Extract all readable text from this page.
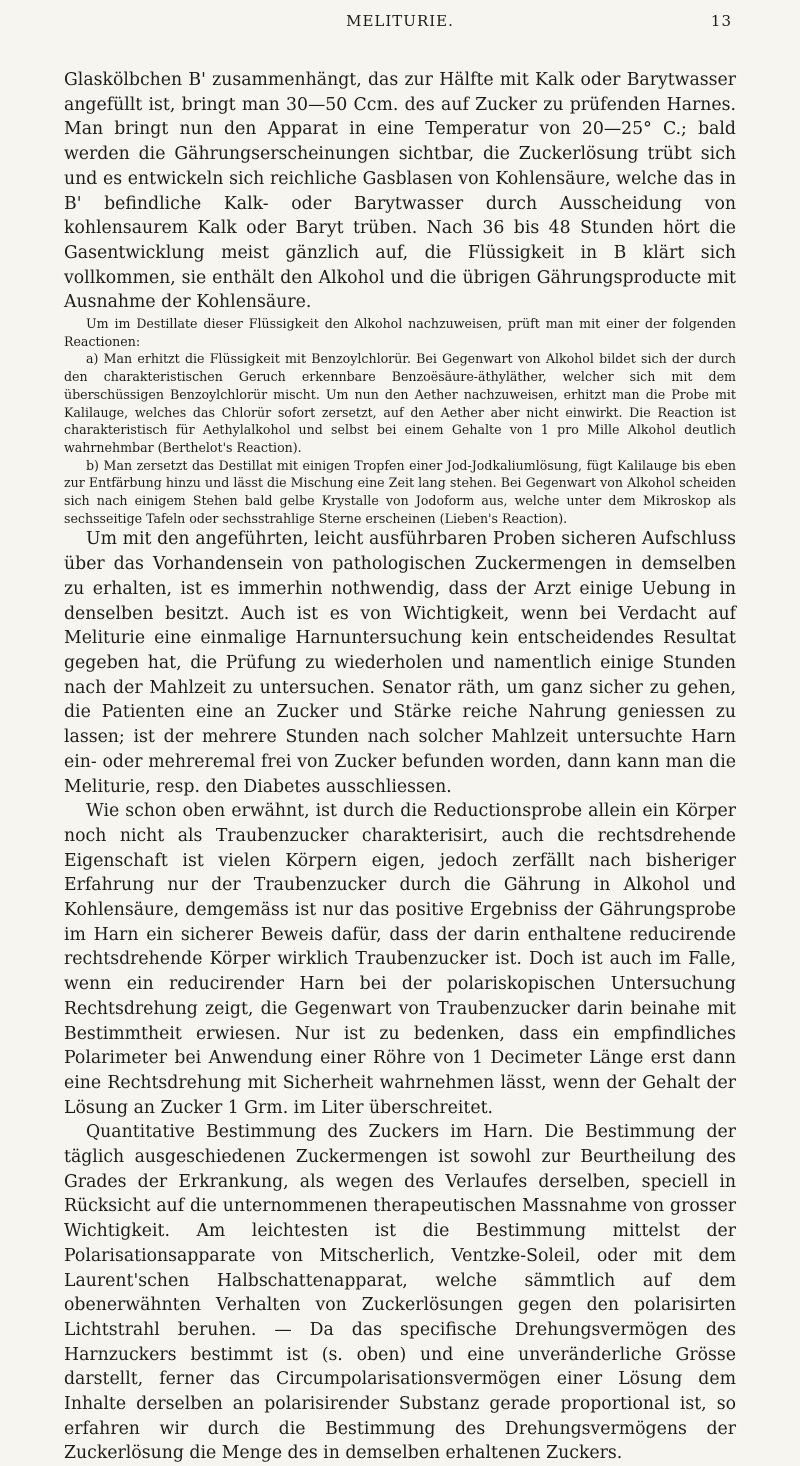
MELITURIE.	13

Glaskölbchen B' zusammenhängt, das zur Hälfte mit Kalk oder Barytwasser angefüllt ist, bringt man 30—50 Ccm. des auf Zucker zu prüfenden Harnes. Man bringt nun den Apparat in eine Temperatur von 20—25° C.; bald werden die Gährungserscheinungen sichtbar, die Zuckerlösung trübt sich und es entwickeln sich reichliche Gasblasen von Kohlensäure, welche das in B' befindliche Kalk- oder Barytwasser durch Ausscheidung von kohlensaurem Kalk oder Baryt trüben. Nach 36 bis 48 Stunden hört die Gasentwicklung meist gänzlich auf, die Flüssigkeit in B klärt sich vollkommen, sie enthält den Alkohol und die übrigen Gährungsproducte mit Ausnahme der Kohlensäure.

Um im Destillate dieser Flüssigkeit den Alkohol nachzuweisen, prüft man mit einer der folgenden Reactionen:

a) Man erhitzt die Flüssigkeit mit Benzoylchlorür. Bei Gegenwart von Alkohol bildet sich der durch den charakteristischen Geruch erkennbare Benzoësäure-äthyläther, welcher sich mit dem überschüssigen Benzoylchlorür mischt. Um nun den Aether nachzuweisen, erhitzt man die Probe mit Kalilauge, welches das Chlorür sofort zersetzt, auf den Aether aber nicht einwirkt. Die Reaction ist charakteristisch für Aethylalkohol und selbst bei einem Gehalte von 1 pro Mille Alkohol deutlich wahrnehmbar (Berthelot's Reaction).

b) Man zersetzt das Destillat mit einigen Tropfen einer Jod-Jodkaliumlösung, fügt Kalilauge bis eben zur Entfärbung hinzu und lässt die Mischung eine Zeit lang stehen. Bei Gegenwart von Alkohol scheiden sich nach einigem Stehen bald gelbe Krystalle von Jodoform aus, welche unter dem Mikroskop als sechsseitige Tafeln oder sechsstrahlige Sterne erscheinen (Lieben's Reaction).

Um mit den angeführten, leicht ausführbaren Proben sicheren Aufschluss über das Vorhandensein von pathologischen Zuckermengen in demselben zu erhalten, ist es immerhin nothwendig, dass der Arzt einige Uebung in denselben besitzt. Auch ist es von Wichtigkeit, wenn bei Verdacht auf Meliturie eine einmalige Harnuntersuchung kein entscheidendes Resultat gegeben hat, die Prüfung zu wiederholen und namentlich einige Stunden nach der Mahlzeit zu untersuchen. Senator räth, um ganz sicher zu gehen, die Patienten eine an Zucker und Stärke reiche Nahrung geniessen zu lassen; ist der mehrere Stunden nach solcher Mahlzeit untersuchte Harn ein- oder mehreremal frei von Zucker befunden worden, dann kann man die Meliturie, resp. den Diabetes ausschliessen.

Wie schon oben erwähnt, ist durch die Reductionsprobe allein ein Körper noch nicht als Traubenzucker charakterisirt, auch die rechtsdrehende Eigenschaft ist vielen Körpern eigen, jedoch zerfällt nach bisheriger Erfahrung nur der Traubenzucker durch die Gährung in Alkohol und Kohlensäure, demgemäss ist nur das positive Ergebniss der Gährungsprobe im Harn ein sicherer Beweis dafür, dass der darin enthaltene reducirende rechtsdrehende Körper wirklich Traubenzucker ist. Doch ist auch im Falle, wenn ein reducirender Harn bei der polariskopischen Untersuchung Rechtsdrehung zeigt, die Gegenwart von Traubenzucker darin beinahe mit Bestimmtheit erwiesen. Nur ist zu bedenken, dass ein empfindliches Polarimeter bei Anwendung einer Röhre von 1 Decimeter Länge erst dann eine Rechtsdrehung mit Sicherheit wahrnehmen lässt, wenn der Gehalt der Lösung an Zucker 1 Grm. im Liter überschreitet.

Quantitative Bestimmung des Zuckers im Harn. Die Bestimmung der täglich ausgeschiedenen Zuckermengen ist sowohl zur Beurtheilung des Grades der Erkrankung, als wegen des Verlaufes derselben, speciell in Rücksicht auf die unternommenen therapeutischen Massnahme von grosser Wichtigkeit. Am leichtesten ist die Bestimmung mittelst der Polarisationsapparate von Mitscherlich, Ventzke-Soleil, oder mit dem Laurent'schen Halbschattenapparat, welche sämmtlich auf dem obenerwähnten Verhalten von Zuckerlösungen gegen den polarisirten Lichtstrahl beruhen. — Da das specifische Drehungsvermögen des Harnzuckers bestimmt ist (s. oben) und eine unveränderliche Grösse darstellt, ferner das Circumpolarisationsvermögen einer Lösung dem Inhalte derselben an polarisirender Substanz gerade proportional ist, so erfahren wir durch die Bestimmung des Drehungsvermögens der Zuckerlösung die Menge des in demselben erhaltenen Zuckers.
